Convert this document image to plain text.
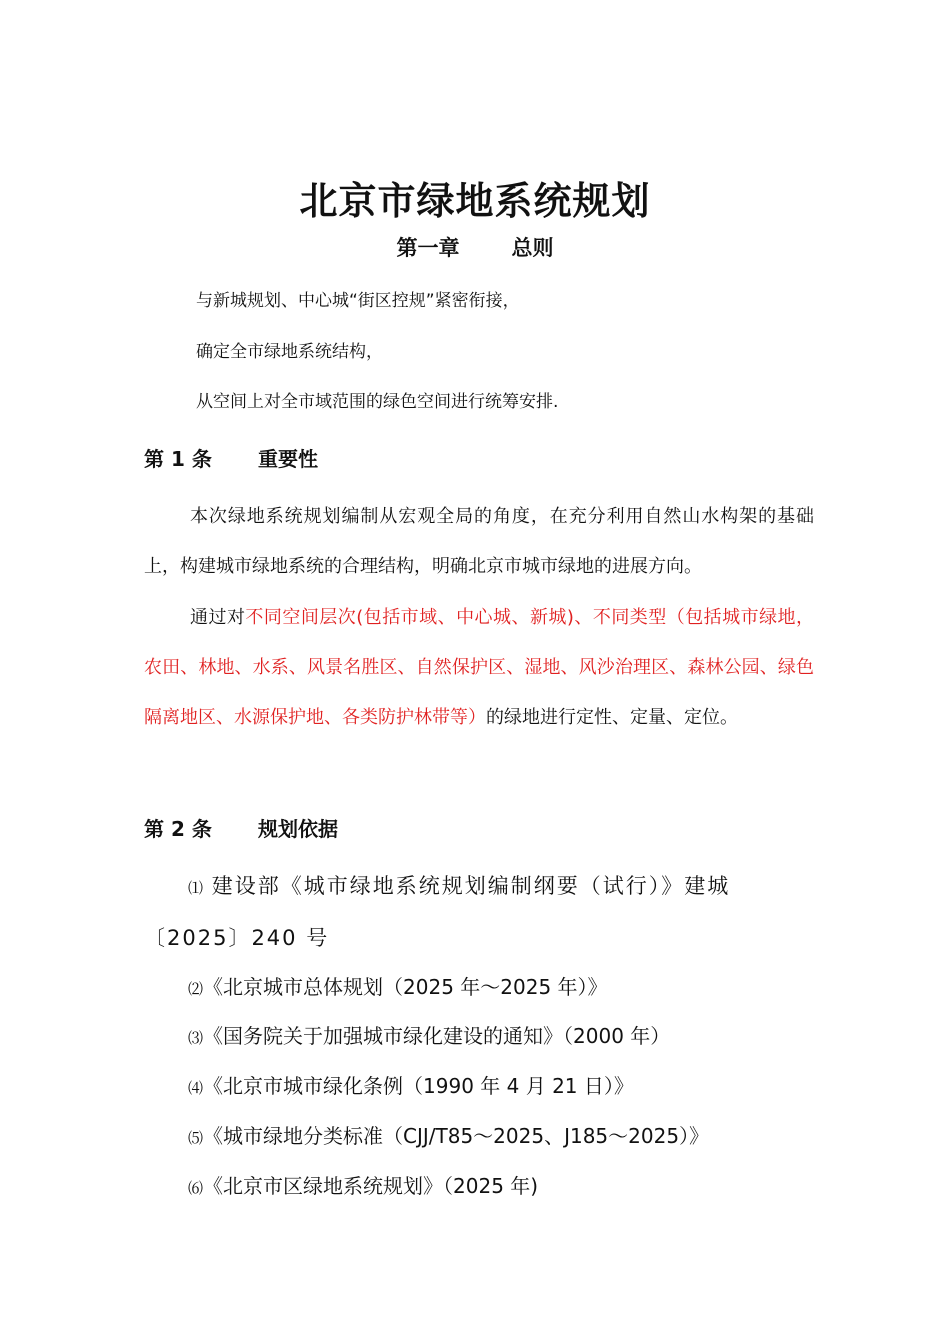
北京市绿地系统规划

第一章 总则

与新城规划、中心城“街区控规”紧密衔接，

确定全市绿地系统结构，

从空间上对全市域范围的绿色空间进行统筹安排.

第 1 条 重要性

本次绿地系统规划编制从宏观全局的角度，在充分利用自然山水构架的基础上，构建城市绿地系统的合理结构，明确北京市城市绿地的进展方向。

通过对不同空间层次(包括市域、中心城、新城)、不同类型（包括城市绿地，农田、林地、水系、风景名胜区、自然保护区、湿地、风沙治理区、森林公园、绿色隔离地区、水源保护地、各类防护林带等）的绿地进行定性、定量、定位。

第 2 条 规划依据

⑴ 建设部《城市绿地系统规划编制纲要（试行）》建城〔2025〕240 号

⑵《北京城市总体规划（2025 年～2025 年）》

⑶《国务院关于加强城市绿化建设的通知》（2000 年）

⑷《北京市城市绿化条例（1990 年 4 月 21 日）》

⑸《城市绿地分类标准（CJJ/T85～2025、J185～2025）》

⑹《北京市区绿地系统规划》（2025 年)
